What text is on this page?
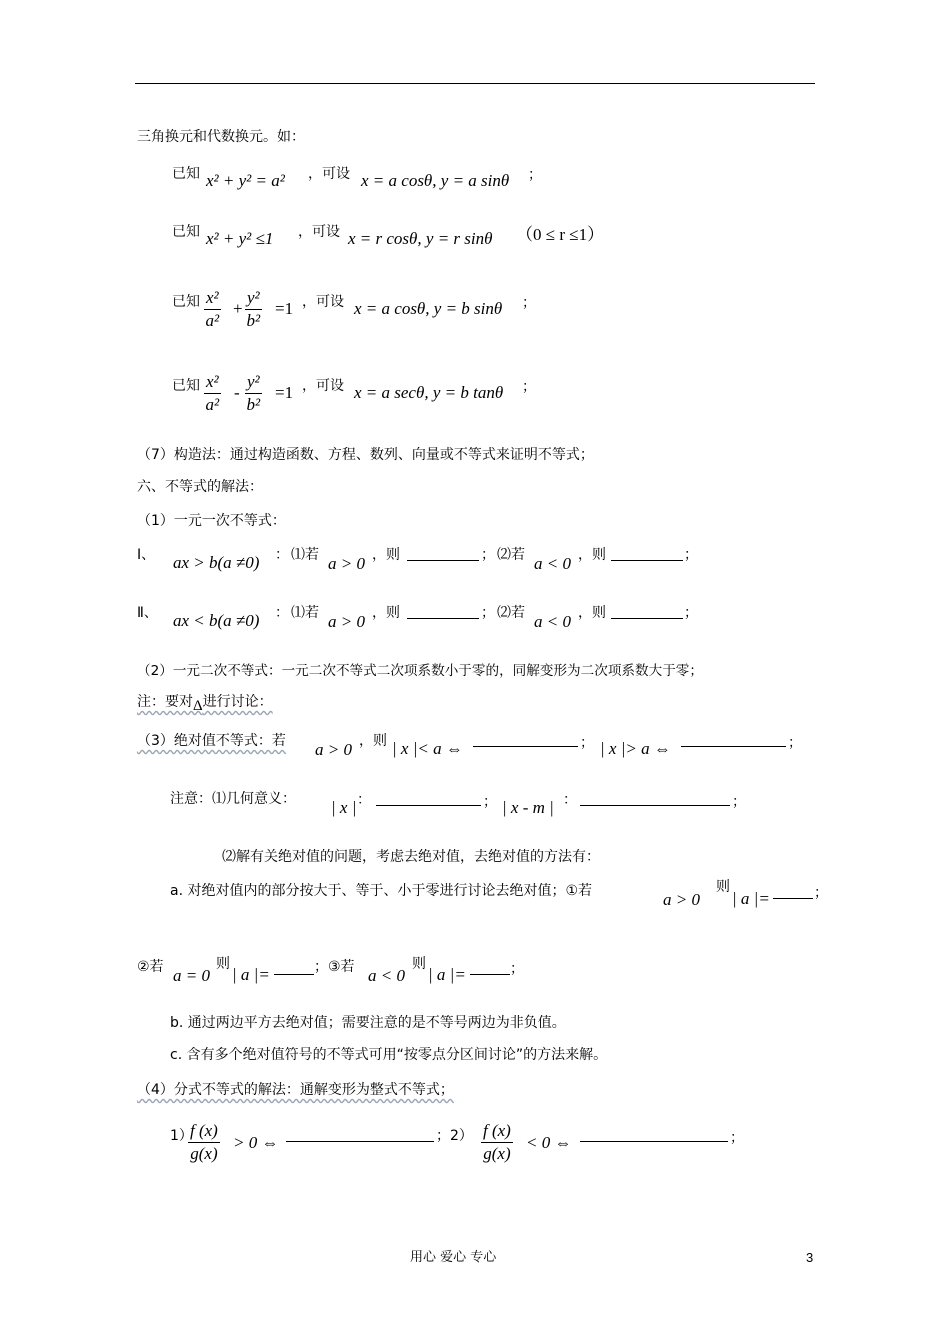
三角换元和代数换元。如：
已知 x² + y² = a² ，可设 x = a cosθ, y = a sinθ ；
已知 x² + y² ≤1 ，可设 x = r cosθ, y = r sinθ （0 ≤ r ≤1）
已知 $\frac{\text{x²}}{\text{a²}} + \frac{\text{y²}}{\text{b²}} =1$ ，可设 x = a cosθ, y = b sinθ ；
已知 $\frac{\text{x²}}{\text{a²}} - \frac{\text{y²}}{\text{b²}} =1$ ，可设 x = a secθ, y = b tanθ ；
（7）构造法：通过构造函数、方程、数列、向量或不等式来证明不等式；
六、不等式的解法：
（1）一元一次不等式：
Ⅰ、 ax > b(a ≠0) ： ⑴若 a > 0 ，则	； ⑵若 a < 0 ，则	；
Ⅱ、 ax < b(a ≠0) ： ⑴若 a > 0 ，则	； ⑵若 a < 0 ，则	；
（2）一元二次不等式：一元二次不等式二次项系数小于零的，同解变形为二次项系数大于零；
注：要对Δ进行讨论：
（3）绝对值不等式：若 a > 0 ，则 | x |< a ⇔	； | x |> a ⇔	；
注意：⑴几何意义： | x | ：	； | x - m | ：	；
⑵解有关绝对值的问题，考虑去绝对值，去绝对值的方法有：
a. 对绝对值内的部分按大于、等于、小于零进行讨论去绝对值；①若	a > 0
则
| a |=	；
②若 a = 0
则
| a |=	；③若 a < 0
则
| a |=	；
b. 通过两边平方去绝对值；需要注意的是不等号两边为非负值。
c. 含有多个绝对值符号的不等式可用“按零点分区间讨论”的方法来解。
（4）分式不等式的解法：通解变形为整式不等式；
1）
$\frac{f (x)}{g(x)} > 0$ ⇔	；$2) \frac{f (x)}{g(x)} < 0$ ⇔	；
用心 爱心 专心	3
